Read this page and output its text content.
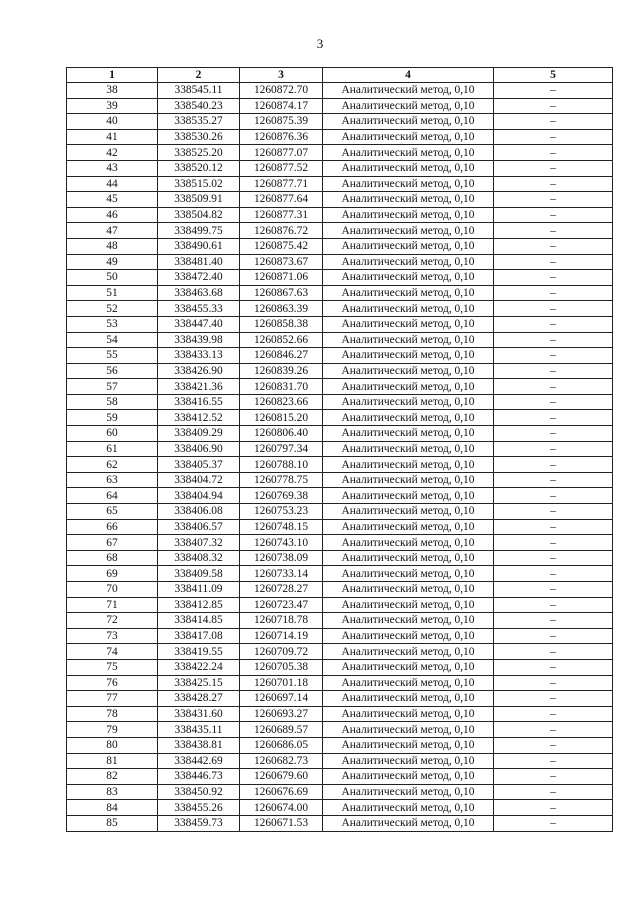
3
1	2	3	4	5
38	338545.11	1260872.70	Аналитический метод, 0,10	–
39	338540.23	1260874.17	Аналитический метод, 0,10	–
40	338535.27	1260875.39	Аналитический метод, 0,10	–
41	338530.26	1260876.36	Аналитический метод, 0,10	–
42	338525.20	1260877.07	Аналитический метод, 0,10	–
43	338520.12	1260877.52	Аналитический метод, 0,10	–
44	338515.02	1260877.71	Аналитический метод, 0,10	–
45	338509.91	1260877.64	Аналитический метод, 0,10	–
46	338504.82	1260877.31	Аналитический метод, 0,10	–
47	338499.75	1260876.72	Аналитический метод, 0,10	–
48	338490.61	1260875.42	Аналитический метод, 0,10	–
49	338481.40	1260873.67	Аналитический метод, 0,10	–
50	338472.40	1260871.06	Аналитический метод, 0,10	–
51	338463.68	1260867.63	Аналитический метод, 0,10	–
52	338455.33	1260863.39	Аналитический метод, 0,10	–
53	338447.40	1260858.38	Аналитический метод, 0,10	–
54	338439.98	1260852.66	Аналитический метод, 0,10	–
55	338433.13	1260846.27	Аналитический метод, 0,10	–
56	338426.90	1260839.26	Аналитический метод, 0,10	–
57	338421.36	1260831.70	Аналитический метод, 0,10	–
58	338416.55	1260823.66	Аналитический метод, 0,10	–
59	338412.52	1260815.20	Аналитический метод, 0,10	–
60	338409.29	1260806.40	Аналитический метод, 0,10	–
61	338406.90	1260797.34	Аналитический метод, 0,10	–
62	338405.37	1260788.10	Аналитический метод, 0,10	–
63	338404.72	1260778.75	Аналитический метод, 0,10	–
64	338404.94	1260769.38	Аналитический метод, 0,10	–
65	338406.08	1260753.23	Аналитический метод, 0,10	–
66	338406.57	1260748.15	Аналитический метод, 0,10	–
67	338407.32	1260743.10	Аналитический метод, 0,10	–
68	338408.32	1260738.09	Аналитический метод, 0,10	–
69	338409.58	1260733.14	Аналитический метод, 0,10	–
70	338411.09	1260728.27	Аналитический метод, 0,10	–
71	338412.85	1260723.47	Аналитический метод, 0,10	–
72	338414.85	1260718.78	Аналитический метод, 0,10	–
73	338417.08	1260714.19	Аналитический метод, 0,10	–
74	338419.55	1260709.72	Аналитический метод, 0,10	–
75	338422.24	1260705.38	Аналитический метод, 0,10	–
76	338425.15	1260701.18	Аналитический метод, 0,10	–
77	338428.27	1260697.14	Аналитический метод, 0,10	–
78	338431.60	1260693.27	Аналитический метод, 0,10	–
79	338435.11	1260689.57	Аналитический метод, 0,10	–
80	338438.81	1260686.05	Аналитический метод, 0,10	–
81	338442.69	1260682.73	Аналитический метод, 0,10	–
82	338446.73	1260679.60	Аналитический метод, 0,10	–
83	338450.92	1260676.69	Аналитический метод, 0,10	–
84	338455.26	1260674.00	Аналитический метод, 0,10	–
85	338459.73	1260671.53	Аналитический метод, 0,10	–
